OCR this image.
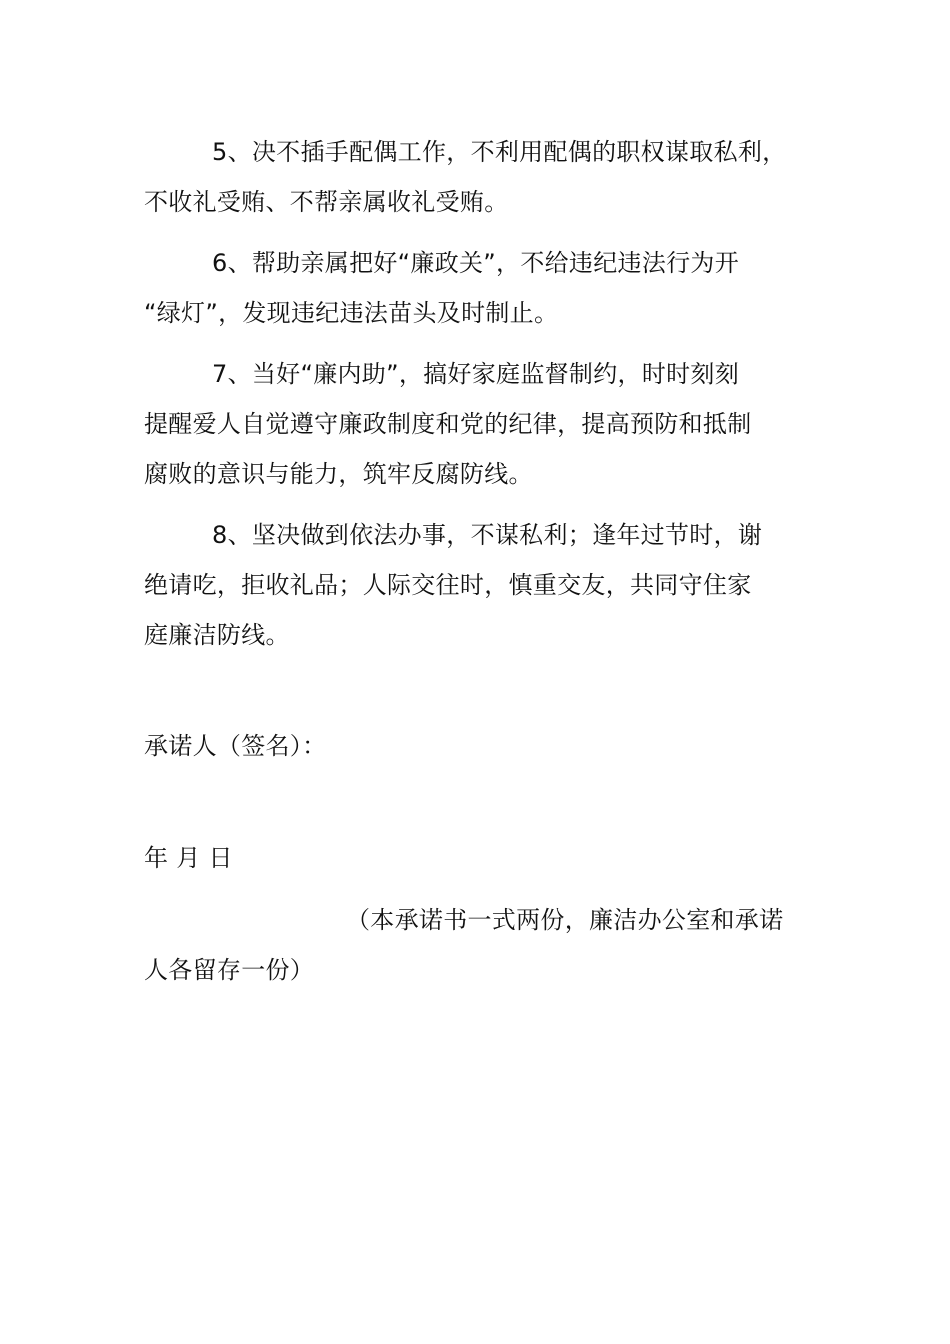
5、决不插手配偶工作，不利用配偶的职权谋取私利，
不收礼受贿、不帮亲属收礼受贿。
6、帮助亲属把好“廉政关”，不给违纪违法行为开
“绿灯”，发现违纪违法苗头及时制止。
7、当好“廉内助”，搞好家庭监督制约，时时刻刻
提醒爱人自觉遵守廉政制度和党的纪律，提高预防和抵制
腐败的意识与能力，筑牢反腐防线。
8、坚决做到依法办事，不谋私利；逢年过节时，谢
绝请吃，拒收礼品；人际交往时，慎重交友，共同守住家
庭廉洁防线。
承诺人（签名）：
年 月 日
（本承诺书一式两份，廉洁办公室和承诺
人各留存一份）
